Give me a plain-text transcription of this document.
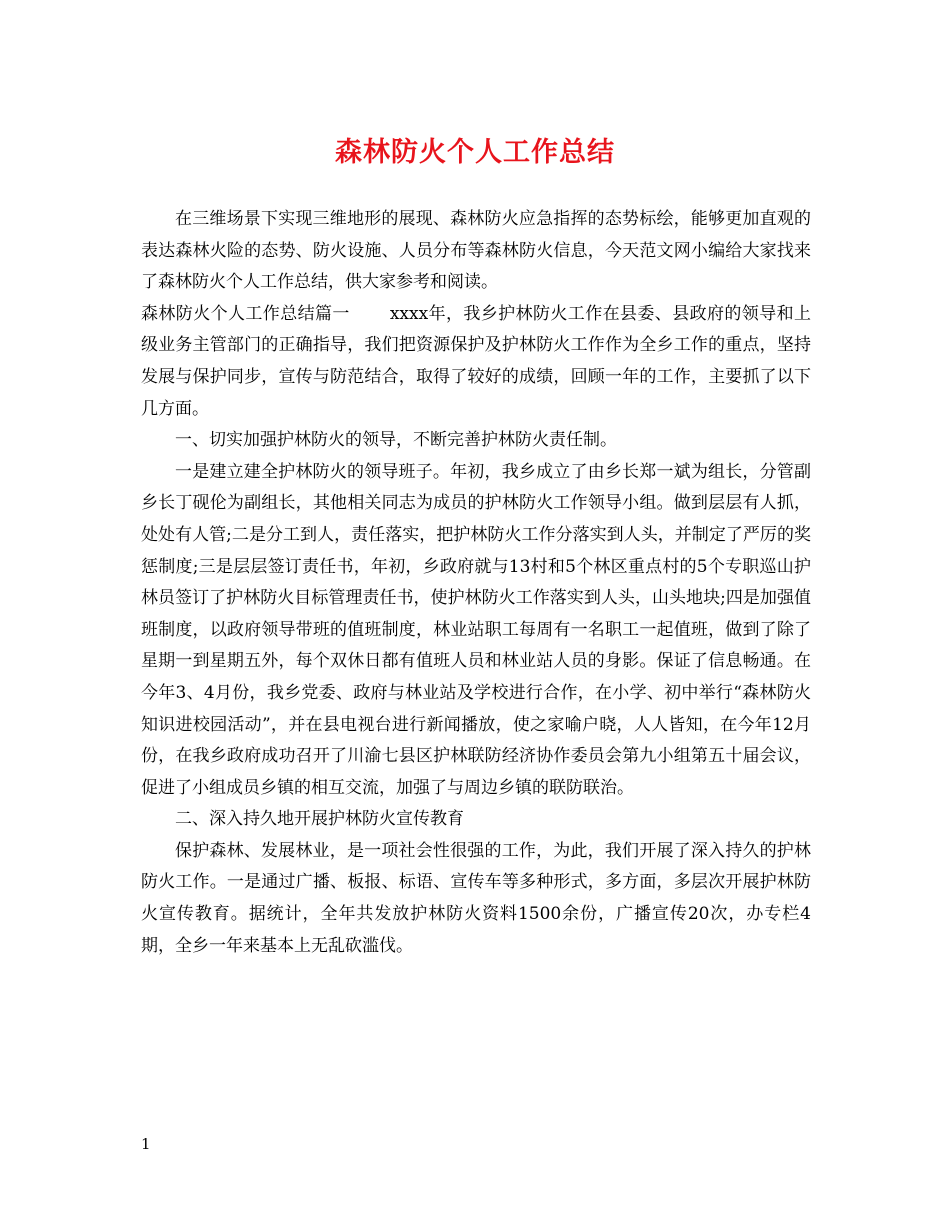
森林防火个人工作总结

在三维场景下实现三维地形的展现、森林防火应急指挥的态势标绘，能够更加直观的表达森林火险的态势、防火设施、人员分布等森林防火信息，今天范文网小编给大家找来了森林防火个人工作总结，供大家参考和阅读。

森林防火个人工作总结篇一 xxxx年，我乡护林防火工作在县委、县政府的领导和上级业务主管部门的正确指导，我们把资源保护及护林防火工作作为全乡工作的重点，坚持发展与保护同步，宣传与防范结合，取得了较好的成绩，回顾一年的工作，主要抓了以下几方面。

一、切实加强护林防火的领导，不断完善护林防火责任制。

一是建立建全护林防火的领导班子。年初，我乡成立了由乡长郑一斌为组长，分管副乡长丁砚伦为副组长，其他相关同志为成员的护林防火工作领导小组。做到层层有人抓，处处有人管;二是分工到人，责任落实，把护林防火工作分落实到人头，并制定了严厉的奖惩制度;三是层层签订责任书，年初，乡政府就与13村和5个林区重点村的5个专职巡山护林员签订了护林防火目标管理责任书，使护林防火工作落实到人头，山头地块;四是加强值班制度，以政府领导带班的值班制度，林业站职工每周有一名职工一起值班，做到了除了星期一到星期五外，每个双休日都有值班人员和林业站人员的身影。保证了信息畅通。在今年3、4月份，我乡党委、政府与林业站及学校进行合作，在小学、初中举行“森林防火知识进校园活动”，并在县电视台进行新闻播放，使之家喻户晓，人人皆知，在今年12月份，在我乡政府成功召开了川渝七县区护林联防经济协作委员会第九小组第五十届会议，促进了小组成员乡镇的相互交流，加强了与周边乡镇的联防联治。

二、深入持久地开展护林防火宣传教育

保护森林、发展林业，是一项社会性很强的工作，为此，我们开展了深入持久的护林防火工作。一是通过广播、板报、标语、宣传车等多种形式，多方面，多层次开展护林防火宣传教育。据统计，全年共发放护林防火资料1500余份，广播宣传20次，办专栏4期，全乡一年来基本上无乱砍滥伐。

1
